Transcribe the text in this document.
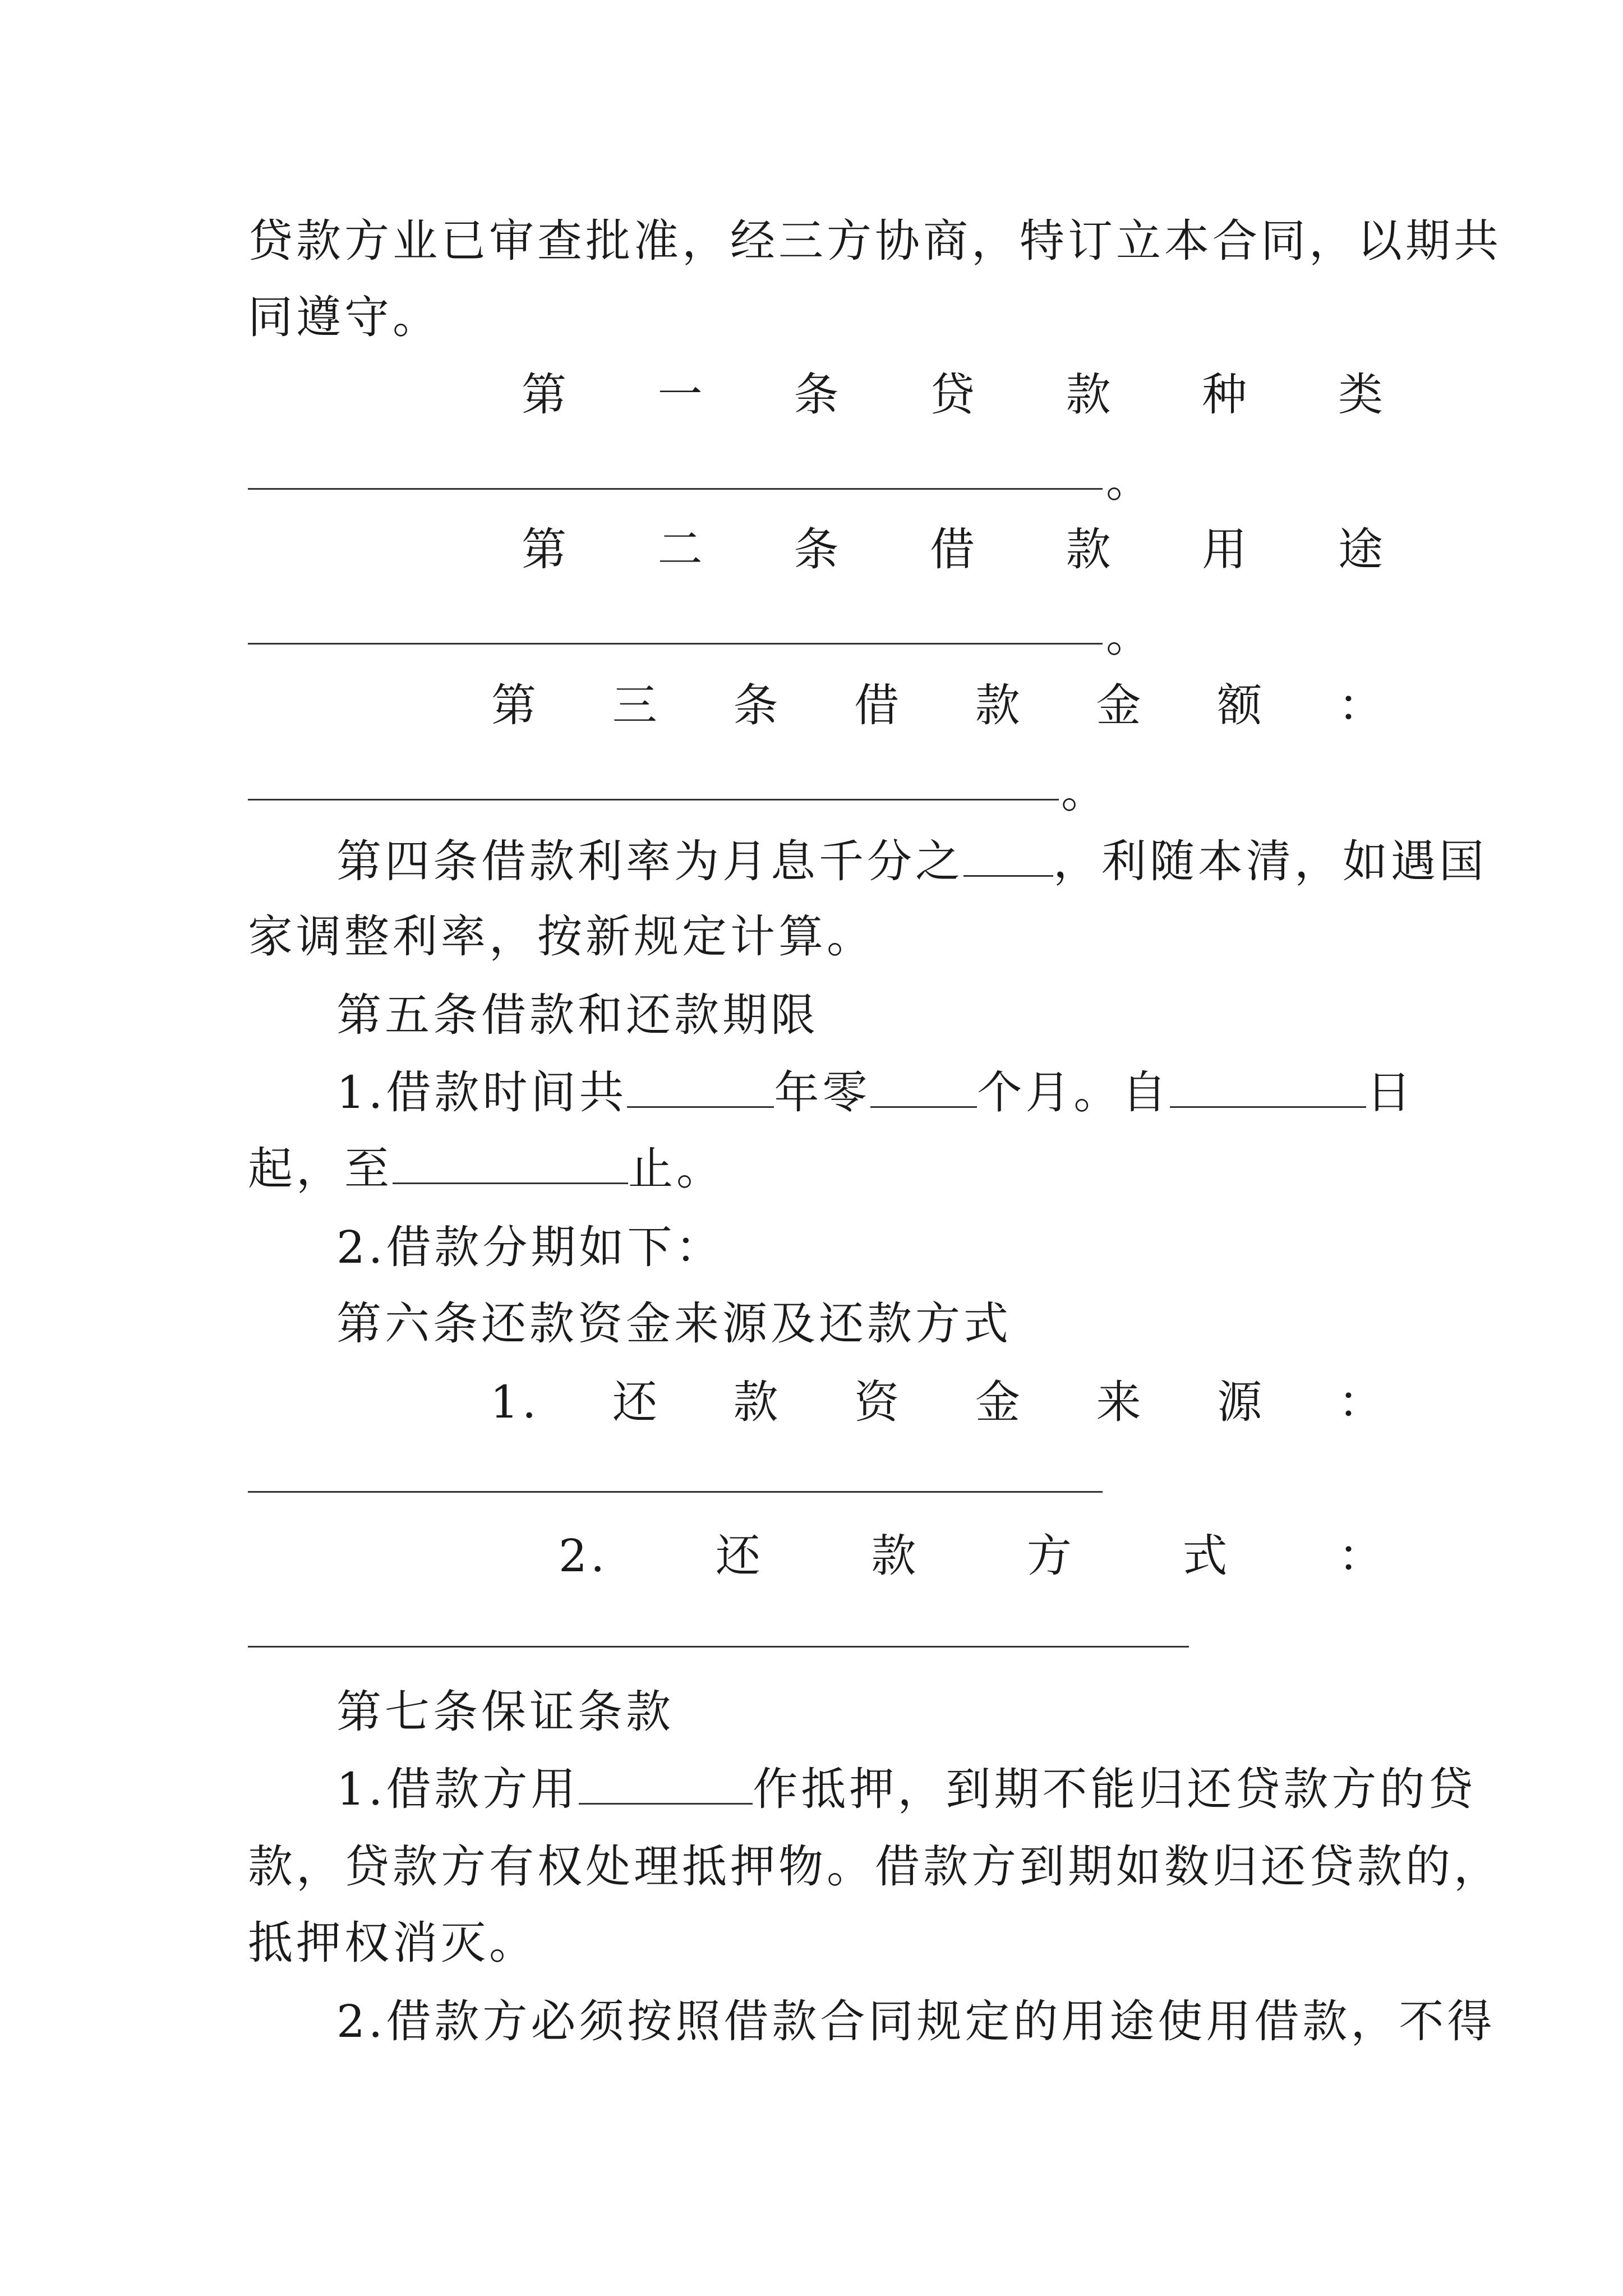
贷款方业已审查批准，经三方协商，特订立本合同，以期共
同遵守。
第 一 条 贷 款 种 类
。
第 二 条 借 款 用 途
。
第 三 条 借 款 金 额 ：
。
第四条借款利率为月息千分之 ，利随本清，如遇国
家调整利率，按新规定计算。
第五条借款和还款期限
1.借款时间共	年零 个月。自	日
起，至	止。
2.借款分期如下：
第六条还款资金来源及还款方式
1. 还 款 资 金 来 源 ：
2. 还 款 方 式 ：
第七条保证条款
1.借款方用	作抵押，到期不能归还贷款方的贷
款，贷款方有权处理抵押物。借款方到期如数归还贷款的，
抵押权消灭。
2.借款方必须按照借款合同规定的用途使用借款，不得
